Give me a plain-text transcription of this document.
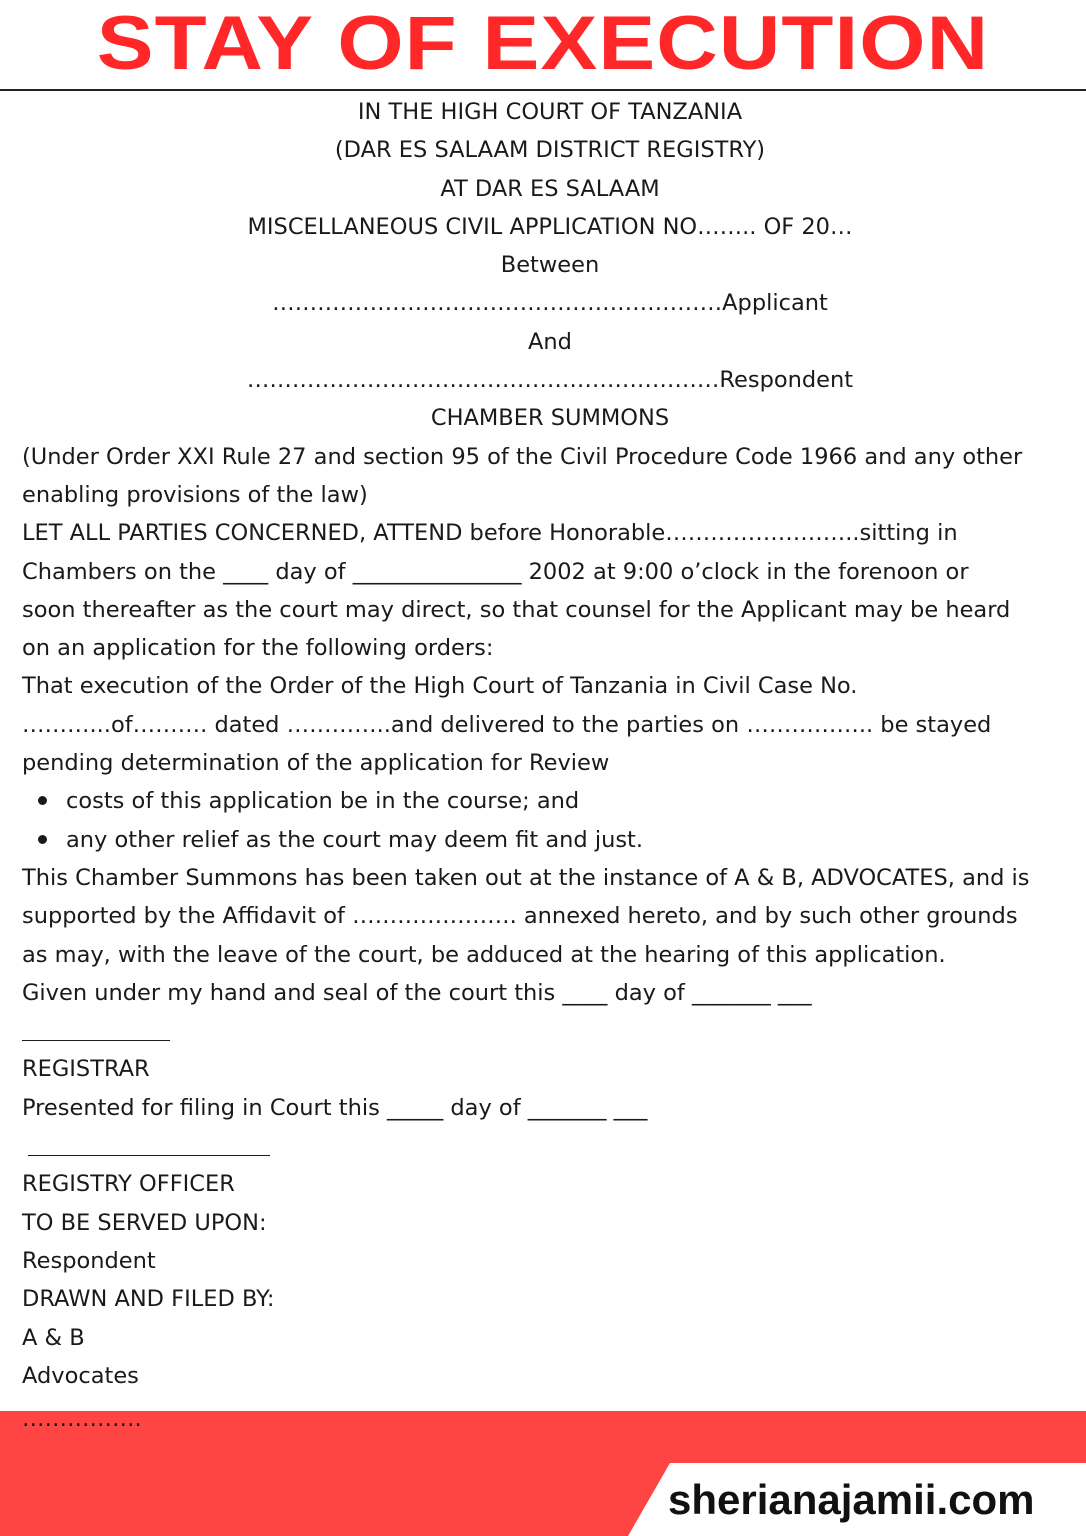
STAY OF EXECUTION
IN THE HIGH COURT OF TANZANIA
(DAR ES SALAAM DISTRICT REGISTRY)
AT DAR ES SALAAM
MISCELLANEOUS CIVIL APPLICATION NO…….. OF 20…
Between
……………………………………………………Applicant
And
………………………………………………………Respondent
CHAMBER SUMMONS
(Under Order XXI Rule 27 and section 95 of the Civil Procedure Code 1966 and any other
enabling provisions of the law)
LET ALL PARTIES CONCERNED, ATTEND before Honorable……………………..sitting in
Chambers on the ____ day of _______________ 2002 at 9:00 o’clock in the forenoon or
soon thereafter as the court may direct, so that counsel for the Applicant may be heard
on an application for the following orders:
That execution of the Order of the High Court of Tanzania in Civil Case No.
………...of………. dated …………..and delivered to the parties on …………….. be stayed
pending determination of the application for Review
costs of this application be in the course; and
any other relief as the court may deem fit and just.
This Chamber Summons has been taken out at the instance of A & B, ADVOCATES, and is
supported by the Affidavit of …………………. annexed hereto, and by such other grounds
as may, with the leave of the court, be adduced at the hearing of this application.
Given under my hand and seal of the court this ____ day of _______ ___
REGISTRAR
Presented for filing in Court this _____ day of _______ ___
REGISTRY OFFICER
TO BE SERVED UPON:
Respondent
DRAWN AND FILED BY:
A & B
Advocates
…………….
sherianajamii.com
